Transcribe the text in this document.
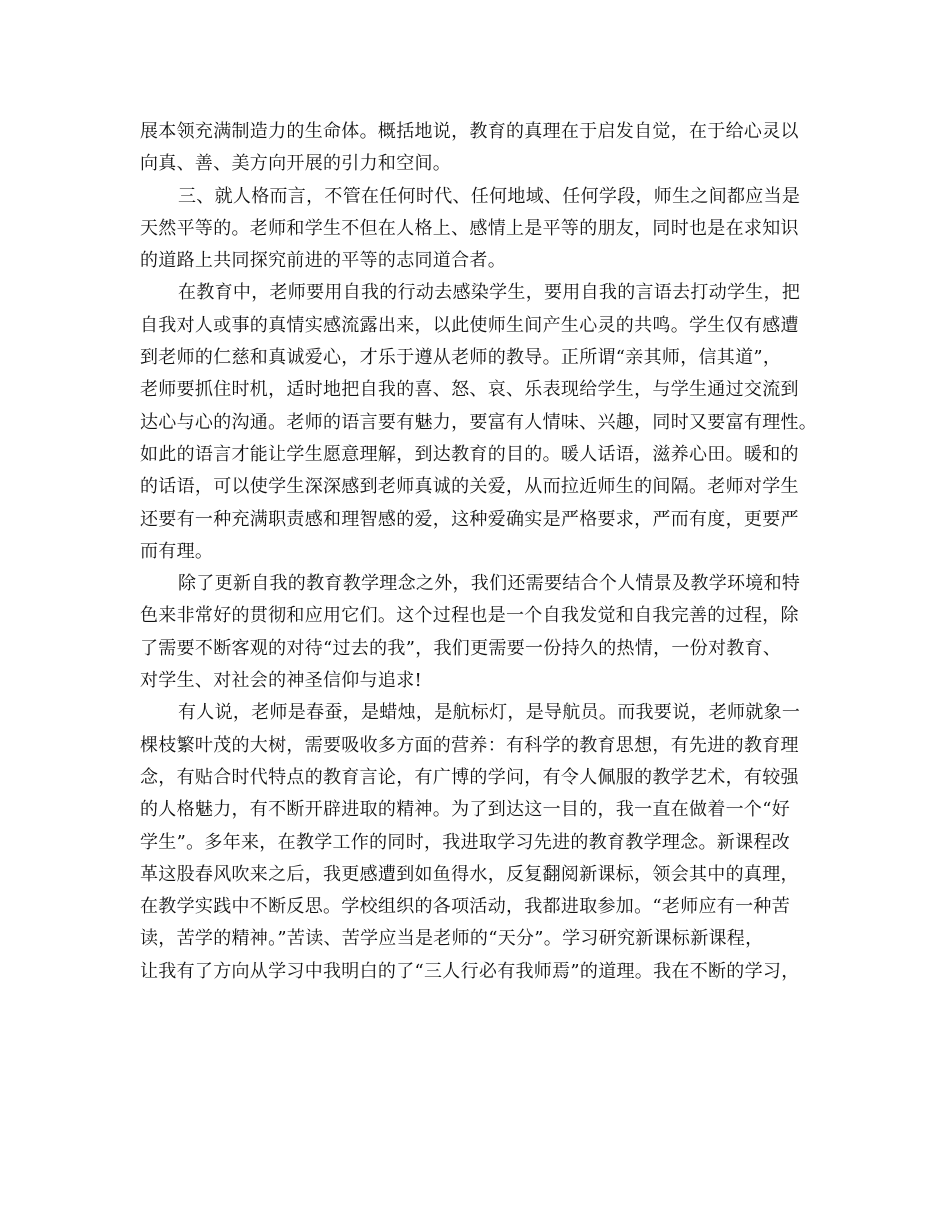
展本领充满制造力的生命体。概括地说，教育的真理在于启发自觉，在于给心灵以
向真、善、美方向开展的引力和空间。
三、就人格而言，不管在任何时代、任何地域、任何学段，师生之间都应当是
天然平等的。老师和学生不但在人格上、感情上是平等的朋友，同时也是在求知识
的道路上共同探究前进的平等的志同道合者。
在教育中，老师要用自我的行动去感染学生，要用自我的言语去打动学生，把
自我对人或事的真情实感流露出来，以此使师生间产生心灵的共鸣。学生仅有感遭
到老师的仁慈和真诚爱心，才乐于遵从老师的教导。正所谓“亲其师，信其道”，
老师要抓住时机，适时地把自我的喜、怒、哀、乐表现给学生，与学生通过交流到
达心与心的沟通。老师的语言要有魅力，要富有人情味、兴趣，同时又要富有理性。
如此的语言才能让学生愿意理解，到达教育的目的。暖人话语，滋养心田。暖和的
的话语，可以使学生深深感到老师真诚的关爱，从而拉近师生的间隔。老师对学生
还要有一种充满职责感和理智感的爱，这种爱确实是严格要求，严而有度，更要严
而有理。
除了更新自我的教育教学理念之外，我们还需要结合个人情景及教学环境和特
色来非常好的贯彻和应用它们。这个过程也是一个自我发觉和自我完善的过程，除
了需要不断客观的对待“过去的我”，我们更需要一份持久的热情，一份对教育、
对学生、对社会的神圣信仰与追求!
有人说，老师是春蚕，是蜡烛，是航标灯，是导航员。而我要说，老师就象一
棵枝繁叶茂的大树，需要吸收多方面的营养：有科学的教育思想，有先进的教育理
念，有贴合时代特点的教育言论，有广博的学问，有令人佩服的教学艺术，有较强
的人格魅力，有不断开辟进取的精神。为了到达这一目的，我一直在做着一个“好
学生”。多年来，在教学工作的同时，我进取学习先进的教育教学理念。新课程改
革这股春风吹来之后，我更感遭到如鱼得水，反复翻阅新课标，领会其中的真理，
在教学实践中不断反思。学校组织的各项活动，我都进取参加。“老师应有一种苦
读，苦学的精神。”苦读、苦学应当是老师的“天分”。学习研究新课标新课程，
让我有了方向从学习中我明白的了“三人行必有我师焉”的道理。我在不断的学习，
